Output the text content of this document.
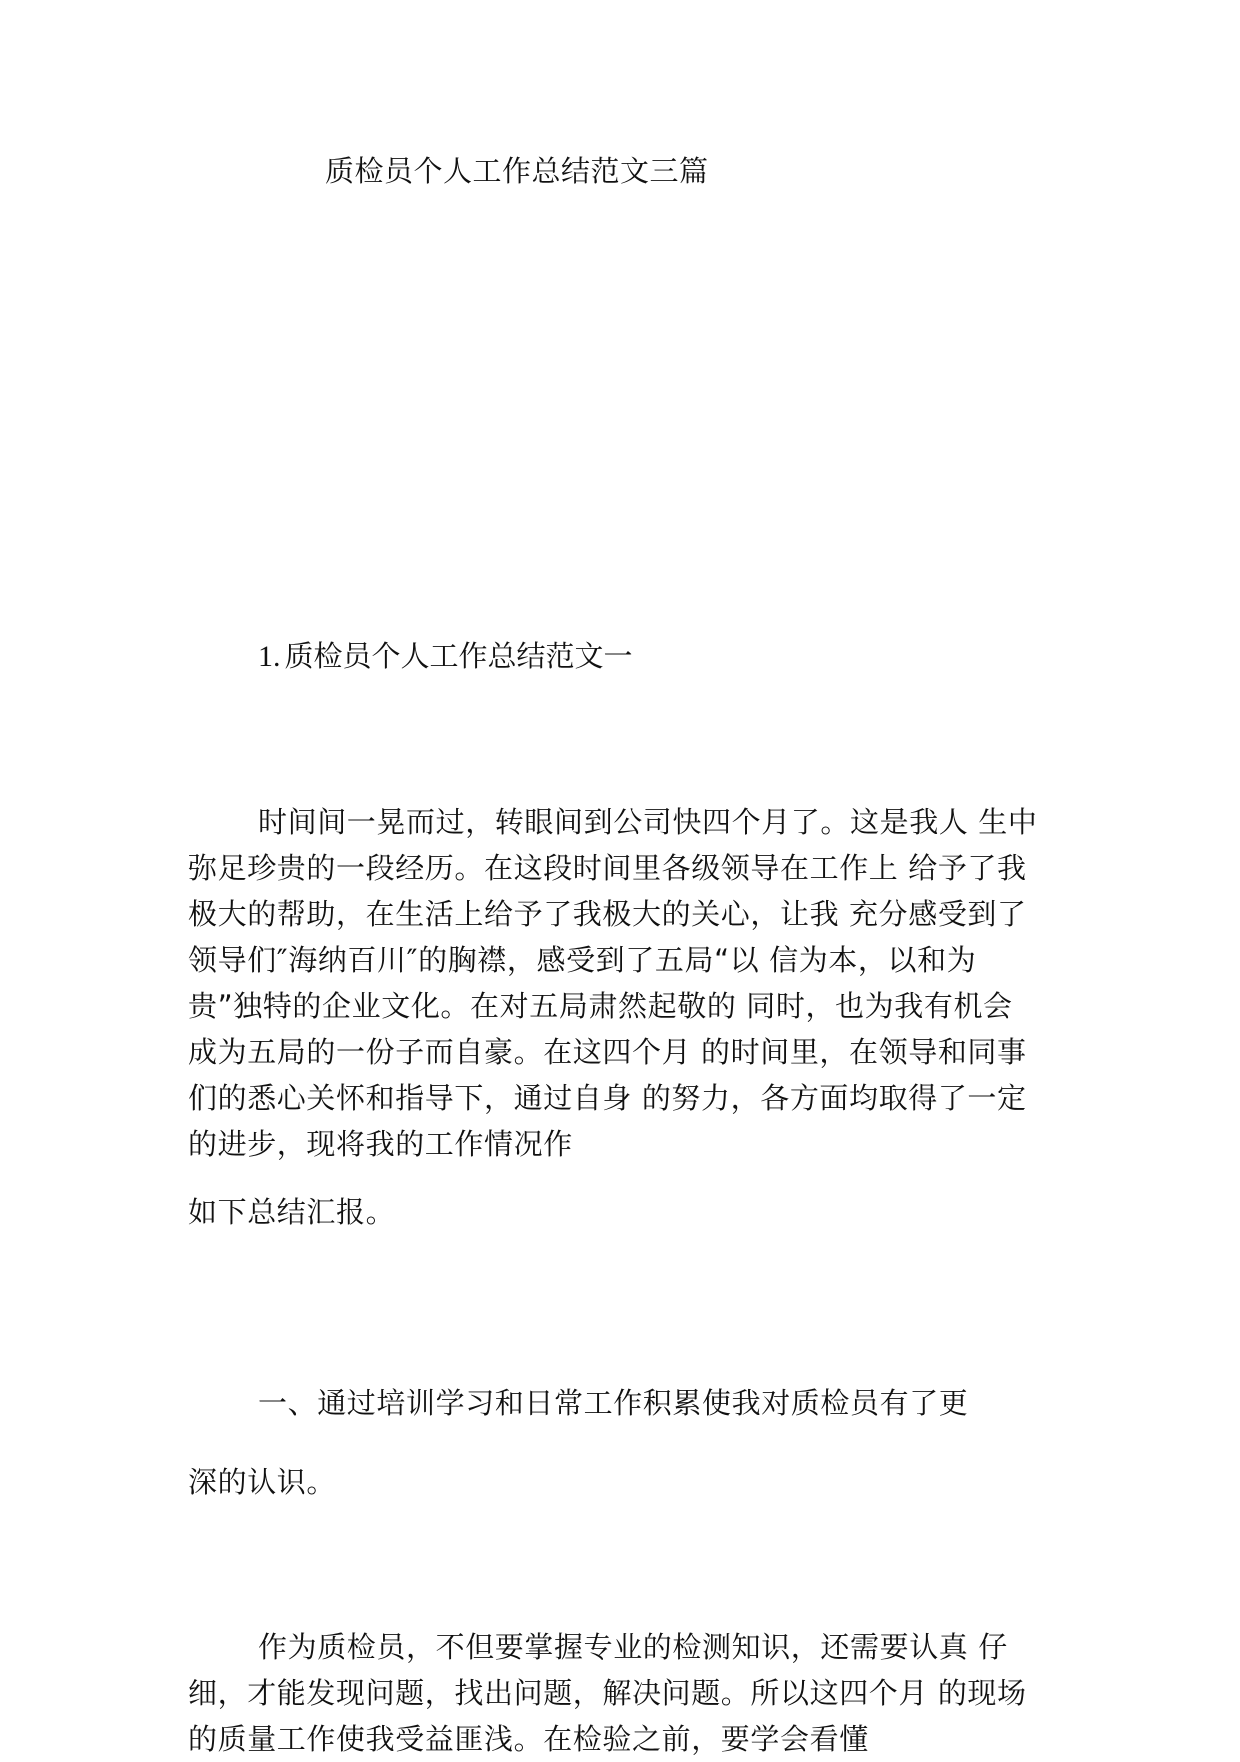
质检员个人工作总结范文三篇
1. 质检员个人工作总结范文一
时间间一晃而过，转眼间到公司快四个月了。这是我人 生中
弥足珍贵的一段经历。在这段时间里各级领导在工作上 给予了我
极大的帮助，在生活上给予了我极大的关心，让我 充分感受到了
领导们″海纳百川″的胸襟，感受到了五局“以 信为本，以和为
贵”独特的企业文化。在对五局肃然起敬的 同时，也为我有机会
成为五局的一份子而自豪。在这四个月 的时间里，在领导和同事
们的悉心关怀和指导下，通过自身 的努力，各方面均取得了一定
的进步，现将我的工作情况作
如下总结汇报。
一、通过培训学习和日常工作积累使我对质检员有了更
深的认识。
作为质检员，不但要掌握专业的检测知识，还需要认真 仔
细，才能发现问题，找出问题，解决问题。所以这四个月 的现场
的质量工作使我受益匪浅。在检验之前，要学会看懂
